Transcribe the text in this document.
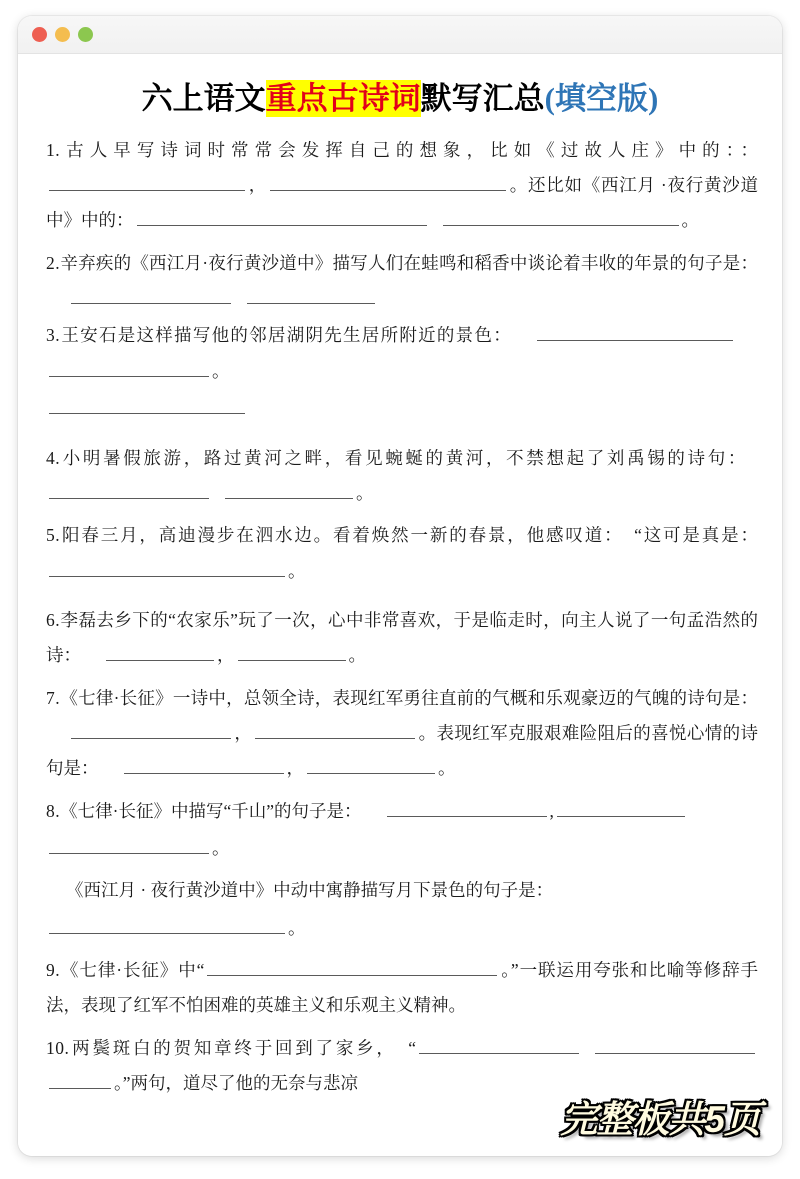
六上语文重点古诗词默写汇总(填空版)

1.古人早写诗词时常常会发挥自己的想象，比如《过故人庄》中的：：，	。还比如《西江月 ·夜行黄沙道中》中的：	。

2.辛弃疾的《西江月·夜行黄沙道中》描写人们在蛙鸣和稻香中谈论着丰收的年景的句子是：

3.王安石是这样描写他的邻居湖阴先生居所附近的景色：。

4.小明暑假旅游，路过黄河之畔，看见蜿蜒的黄河，不禁想起了刘禹锡的诗句：。

5.阳春三月，高迪漫步在泗水边。看着焕然一新的春景，他感叹道：　“这可是真是：。

6.李磊去乡下的“农家乐”玩了一次，心中非常喜欢，于是临走时，向主人说了一句孟浩然的诗：	，	。

7.《七律·长征》一诗中，总领全诗，表现红军勇往直前的气概和乐观豪迈的气魄的诗句是：，	。表现红军克服艰难险阻后的喜悦心情的诗句是：	，	。

8.《七律·长征》中描写“千山”的句子是：	,

。

《西江月 · 夜行黄沙道中》中动中寓静描写月下景色的句子是：

。

9.《七律·长征》中“	。”一联运用夸张和比喻等修辞手法，表现了红军不怕困难的英雄主义和乐观主义精神。

10.两鬓斑白的贺知章终于回到了家乡，　“。”两句，道尽了他的无奈与悲凉

完整板共5页
